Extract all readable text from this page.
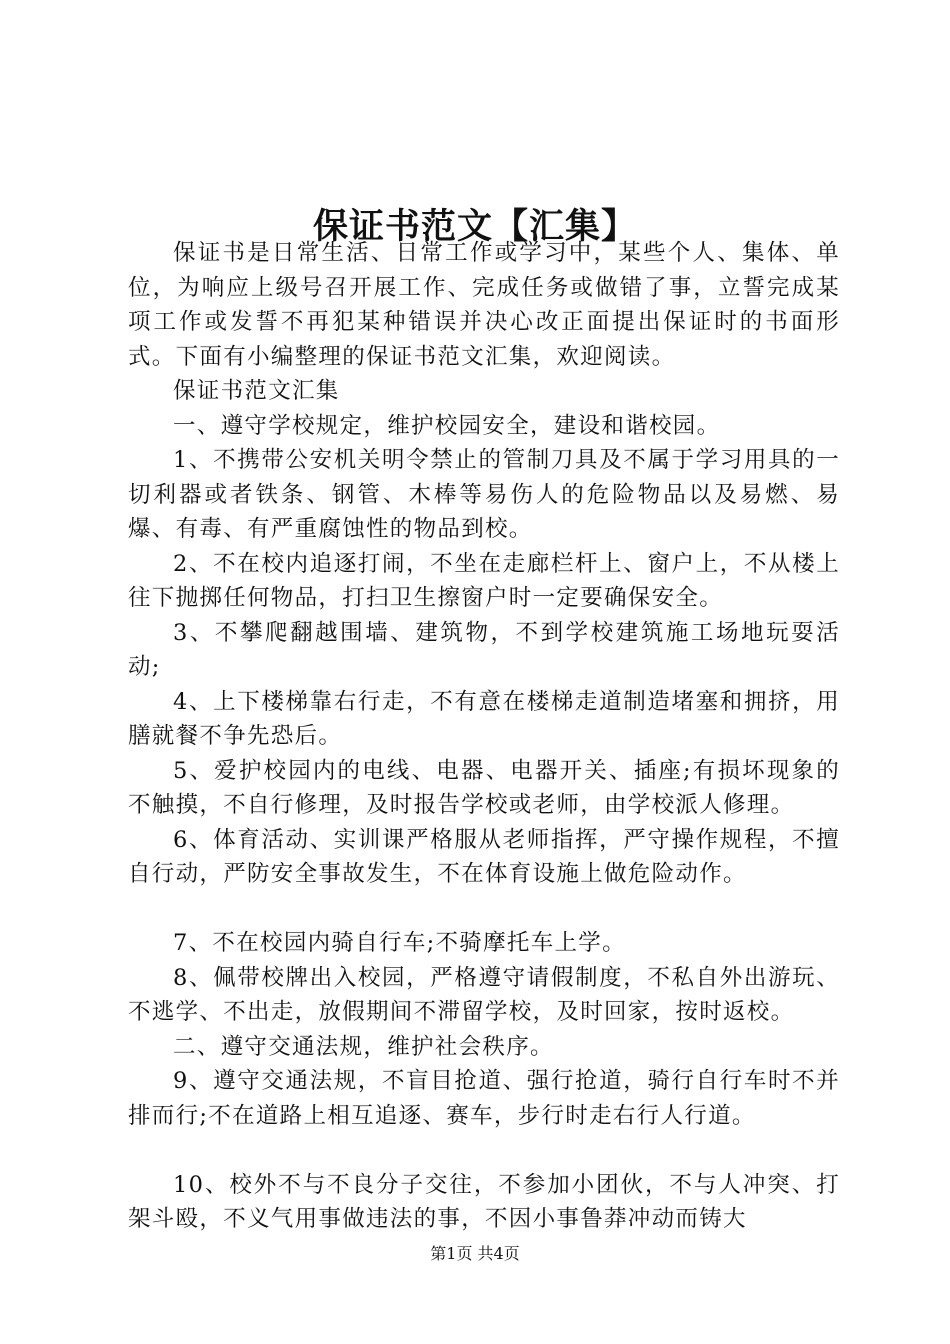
保证书范文【汇集】

保证书是日常生活、日常工作或学习中，某些个人、集体、单位，为响应上级号召开展工作、完成任务或做错了事，立誓完成某项工作或发誓不再犯某种错误并决心改正面提出保证时的书面形式。下面有小编整理的保证书范文汇集，欢迎阅读。

保证书范文汇集

一、遵守学校规定，维护校园安全，建设和谐校园。

1、不携带公安机关明令禁止的管制刀具及不属于学习用具的一切利器或者铁条、钢管、木棒等易伤人的危险物品以及易燃、易爆、有毒、有严重腐蚀性的物品到校。

2、不在校内追逐打闹，不坐在走廊栏杆上、窗户上，不从楼上往下抛掷任何物品，打扫卫生擦窗户时一定要确保安全。

3、不攀爬翻越围墙、建筑物，不到学校建筑施工场地玩耍活动;

4、上下楼梯靠右行走，不有意在楼梯走道制造堵塞和拥挤，用膳就餐不争先恐后。

5、爱护校园内的电线、电器、电器开关、插座;有损坏现象的不触摸，不自行修理，及时报告学校或老师，由学校派人修理。

6、体育活动、实训课严格服从老师指挥，严守操作规程，不擅自行动，严防安全事故发生，不在体育设施上做危险动作。

7、不在校园内骑自行车;不骑摩托车上学。

8、佩带校牌出入校园，严格遵守请假制度，不私自外出游玩、不逃学、不出走，放假期间不滞留学校，及时回家，按时返校。

二、遵守交通法规，维护社会秩序。

9、遵守交通法规，不盲目抢道、强行抢道，骑行自行车时不并排而行;不在道路上相互追逐、赛车，步行时走右行人行道。

10、校外不与不良分子交往，不参加小团伙，不与人冲突、打架斗殴，不义气用事做违法的事，不因小事鲁莽冲动而铸大

第1页 共4页
